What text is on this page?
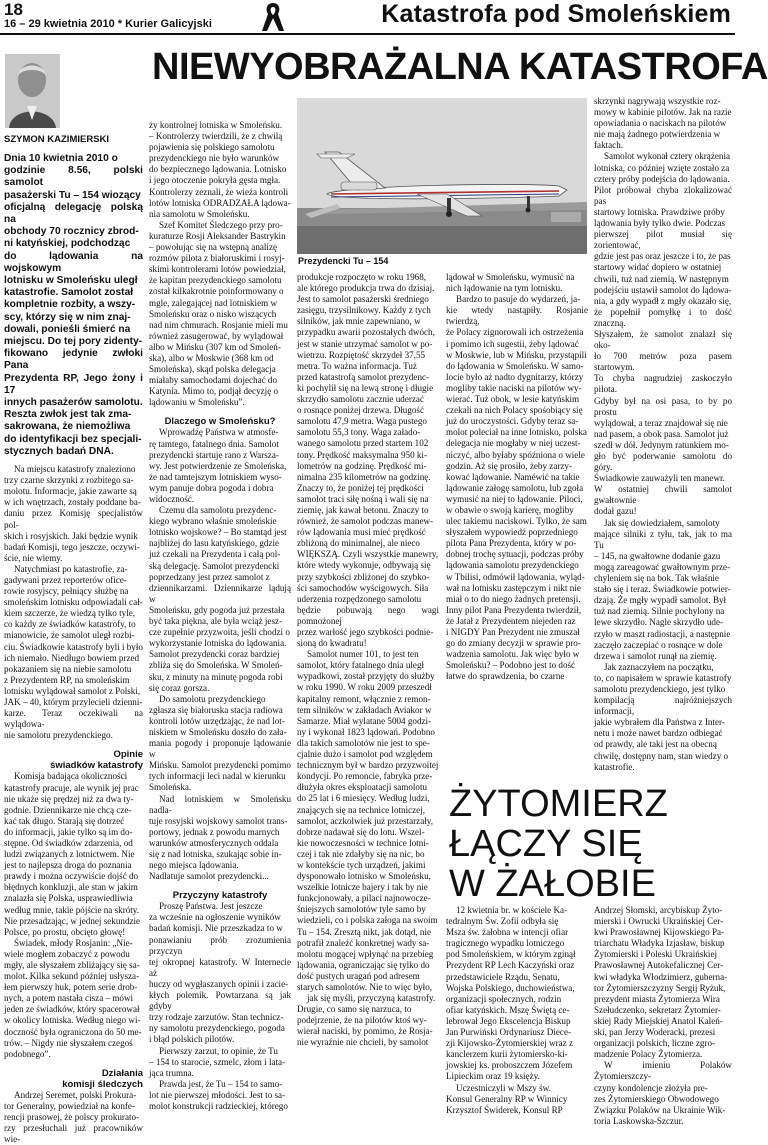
18
16 – 29 kwietnia 2010 * Kurier Galicyjski	Katastrofa pod Smoleńskiem
NIEWYOBRAŻALNA KATASTROFA
Prezydencki Tu – 154
SZYMON KAZIMIERSKI
Dnia 10 kwietnia 2010 o
godzinie 8.56, polski samolot
pasażerski Tu – 154 wiozący
oficjalną delegację polską na
obchody 70 rocznicy zbrod-
ni katyńskiej, podchodząc
do lądowania na wojskowym
lotnisku w Smoleńsku uległ
katastrofie. Samolot został
kompletnie rozbity, a wszy-
scy, którzy się w nim znaj-
dowali, ponieśli śmierć na
miejscu. Do tej pory zidenty-
fikowano jedynie zwłoki Pana
Prezydenta RP, Jego żony i 17
innych pasażerów samolotu.
Reszta zwłok jest tak zma-
sakrowana, że niemożliwa
do identyfikacji bez specjali-
stycznych badań DNA.
Na miejscu katastrofy znaleziono
trzy czarne skrzynki z rozbitego sa-
molotu. Informacje, jakie zawarte są
w ich wnętrzach, zostały poddane ba-
daniu przez Komisję specjalistów pol-
skich i rosyjskich. Jaki będzie wynik
badań Komisji, tego jeszcze, oczywi-
ście, nie wiemy.
Natychmiast po katastrofie, za-
gadywani przez reporterów ofice-
rowie rosyjscy, pełniący służbę na
smoleńskim lotnisku odpowiadali cał-
kiem szczerze, że wiedzą tylko tyle,
co każdy ze świadków katastrofy, to
mianowicie, że samolot uległ rozbi-
ciu. Świadkowie katastrofy byli i było
ich niemało. Niedługo bowiem przed
pokazaniem się na niebie samolotu
z Prezydentem RP, na smoleńskim
lotnisku wylądował samolot z Polski,
JAK – 40, którym przylecieli dzienni-
karze. Teraz oczekiwali na wylądowa-
nie samolotu prezydenckiego.
Opinie
świadków katastrofy
Komisja badająca okoliczności
katastrofy pracuje, ale wynik jej prac
nie ukaże się prędzej niż za dwa ty-
godnie. Dziennikarze nie chcą cze-
kać tak długo. Starają się dotrzeć
do informacji, jakie tylko są im do-
stępne. Od świadków zdarzenia, od
ludzi związanych z lotnictwem. Nie
jest to najlepsza droga do poznania
prawdy i można oczywiście dojść do
błędnych konkluzji, ale stan w jakim
znalazła się Polska, usprawiedliwia
według mnie, takie pójście na skróty.
Nie przesadzając, w jednej sekundzie
Polsce, po prostu, obcięto głowę!
Świadek, młody Rosjanin: „Nie-
wiele mogłem zobaczyć z powodu
mgły, ale słyszałem zbliżający się sa-
molot. Kilka sekund później usłysza-
łem pierwszy huk, potem serie drob-
nych, a potem nastała cisza – mówi
jeden ze świadków, który spacerował
w okolicy lotniska. Według niego wi-
doczność była ograniczona do 50 me-
trów. – Nigdy nie słyszałem czegoś
podobnego”.
Działania
komisji śledczych
Andrzej Seremet, polski Prokura-
tor Generalny, powiedział na konfe-
rencji prasowej, że polscy prokurato-
rzy przesłuchali już pracowników wie-
ży kontrolnej lotniska w Smoleńsku.
– Kontrolerzy twierdzili, że z chwilą
pojawienia się polskiego samolotu
prezydenckiego nie było warunków
do bezpiecznego lądowania. Lotnisko
i jego otoczenie pokryła gęsta mgła.
Kontrolerzy zeznali, że wieża kontroli
lotów lotniska ODRADZAŁA lądowa-
nia samolotu w Smoleńsku.
Szef Komitet Śledczego przy pro-
kuraturze Rosji Aleksander Bastrykin
– powołując się na wstępną analizę
rozmów pilota z białoruskimi i rosyj-
skimi kontrolerami lotów powiedział,
że kapitan prezydenckiego samolotu
został kilkakrotnie poinformowany o
mgle, zalegającej nad lotniskiem w
Smoleńsku oraz o nisko wiszących
nad nim chmurach. Rosjanie mieli mu
również zasugerować, by wylądował
albo w Mińsku (307 km od Smoleń-
ska), albo w Moskwie (368 km od
Smoleńska), skąd polska delegacja
miałaby samochodami dojechać do
Katynia. Mimo to, podjął decyzję o
lądowaniu w Smoleńsku”.
Dlaczego w Smoleńsku?
Wprowadźę Państwa w atmosfe-
rę tamtego, fatalnego dnia. Samolot
prezydencki startuje rano z Warsza-
wy. Jest potwierdzenie ze Smoleńska,
że nad tamtejszym lotniskiem wyso-
wym panuje dobra pogoda i dobra
widoczność.
Czemu dla samolotu prezydenc-
kiego wybrano właśnie smoleńskie
lotnisko wojskowe? – Bo stamtąd jest
najbliżej do lasu katyńskiego, gdzie
już czekali na Prezydenta i całą pol-
ską delegację. Samolot prezydencki
poprzedzany jest przez samolot z
dziennikarzami. Dziennikarze lądują w
Smoleńsku, gdy pogoda już przestała
być taka piękna, ale była wciąż jesz-
cze zupełnie przyzwoita, jeśli chodzi o
wykorzystanie lotniska do lądowania.
Samolot prezydencki coraz bardziej
zbliża się do Smoleńska. W Smoleń-
sku, z minuty na minutę pogoda robi
się coraz gorsza.
Do samolotu prezydenckiego
zgłasza się białoruska stacja radiowa
kontroli lotów urzędzając, że nad lot-
niskiem w Smoleńsku doszło do zała-
mania pogody i proponuje lądowanie w
Mińsku. Samolot prezydencki pomimo
tych informacji leci nadal w kierunku
Smoleńska.
Nad lotniskiem w Smoleńsku nadla-
tuje rosyjski wojskowy samolot trans-
portowy, jednak z powodu marnych
warunków atmosferycznych oddala
się z nad lotniska, szukając sobie in-
nego miejsca lądowania.
Nadlatuje samolot prezydencki...
Przyczyny katastrofy
Proszę Państwa. Jest jeszcze
za wcześnie na ogłoszenie wyników
badań komisji. Nie przeszkadza to w
ponawianiu prób zrozumienia przyczyn
tej okropnej katastrofy. W Internecie aż
huczy od wygłaszanych opinii i zacie-
kłych polemik. Powtarzana są jak gdyby
trzy rodzaje zarzutów. Stan technicz-
ny samolotu prezydenckiego, pogoda
i błąd polskich pilotów.
Pierwszy zarzut, to opinie, że Tu
– 154 to starocie, szmelc, złom i lata-
jąca trumna.
Prawda jest, że Tu – 154 to samo-
lot nie pierwszej młodości. Jest to sa-
molot konstrukcji radzieckiej, którego
produkcje rozpoczęto w roku 1968,
ale którego produkcja trwa do dzisiaj.
Jest to samolot pasażerski średniego
zasięgu, trzysilnikowy. Każdy z tych
silników, jak mnie zapewniano, w
przypadku awarii pozostałych dwóch,
jest w stanie utrzymać samolot w po-
wietrzu. Rozpiętość skrzydeł 37,55
metra. To ważna informacja. Tuż
przed katastrofą samolot prezydenc-
ki pochylił się na lewą stronę i długie
skrzydło samolotu zacznie uderzać
o rosnące poniżej drzewa. Długość
samolotu 47,9 metra. Waga pustego
samolotu 55,3 tony. Waga załado-
wanego samolotu przed startem 102
tony. Prędkość maksymalna 950 ki-
lometrów na godzinę. Prędkość mi-
nimalna 235 kilometrów na godzinę.
Znaczy to, że poniżej tej prędkości
samolot traci siłę nośną i wali się na
ziemię, jak kawał betonu. Znaczy to
również, że samolot podczas manew-
rów lądowania musi mieć prędkość
zbliżoną do minimalnej, ale nieco
WIĘKSZĄ. Czyli wszystkie manewry,
które wtedy wykonuje, odbywają się
przy szybkości zbliżonej do szybko-
ści samochodów wyścigowych. Siła
uderzenia rozpędzonego samolotu
będzie pobuwają nego wagi pomnożonej
przez warłość jego szybkości podnie-
sioną do kwadratu!
Samolot numer 101, to jest ten
samolot, który fatalnego dnia uległ
wypadkowi, został przyjęty do służby
w roku 1990. W roku 2009 przeszedł
kapitalny remont, włącznie z remon-
tem silników w zakładach Aviakor w
Samarze. Miał wylatane 5004 godzi-
ny i wykonał 1823 lądowań. Podobno
dla takich samolotów nie jest to spe-
cjalnie dużo i samolot pod względem
technicznym był w bardzo przyzwoitej
kondycji. Po remoncie, fabryka prze-
dłużyła okres eksploatacji samolotu
do 25 lat i 6 miesięcy. Według ludzi,
znających się na technice lotniczej,
samolot, aczkolwiek już przestarzały,
dobrze nadawał się do lotu. Wszel-
kie nowoczesności w technice lotni-
czej i tak nie zdałyby się na nic, bo
w kontekście tych urządzeń, jakimi
dysponowało lotnisko w Smoleńsku,
wszelkie lotnicze bajery i tak by nie
funkcjonowały, a pilaci najnowocze-
śniejszych samolotów tyle samo by
wiedzieli, co i polska załoga na swoim
Tu – 154. Zresztą nikt, jak dotąd, nie
potrafił znaleźć konkretnej wady sa-
molotu mogącej wpłynąć na przebieg
lądowania, ograniczając się tylko do
dość pustych uragań pod adresem
starych samolotów. Nie to więc było,
jak się myśli, przyczyną katastrofy.
Drugie, co samo się narzuca, to
podejrzenie, że na pilotów ktoś wy-
wierał naciski, by pomimo, że Rosja-
nie wyraźnie nie chcieli, by samolot
lądował w Smoleńsku, wymusić na
nich lądowanie na tym lotnisku.
Bardzo to pasuje do wydarzeń, ja-
kie wtedy nastąpiły. Rosjanie twierdzą,
że Polacy zignorowali ich ostrzeżenia
i pomimo ich sugestii, żeby lądować
w Moskwie, lub w Mińsku, przystąpili
do lądowania w Smoleńsku. W samo-
locie było aż nadto dygnitarzy, którzy
mogliby takie naciski na pilotów wy-
wierać. Tuż obok, w lesie katyńskim
czekali na nich Polacy spośobiący się
już do uroczystości. Gdyby teraz sa-
molot poleciał na inne lotnisko, polska
delegacja nie mogłaby w niej uczest-
niczyć, albo byłaby spóźniona o wiele
godzin. Aż się prosiło, żeby zarzy-
kować lądowanie. Naméwić na takie
lądowanie załogę samolotu, lub zgoła
wymusić na niej to lądowanie. Piloci,
w obawie o swoją karierę, mogliby
ulec takiemu naciskowi. Tylko, że sam
słyszałem wypowiedź poprzedniego
pilota Pana Prezydenta, który w po-
dobnej trochę sytuacji, podczas próby
lądowania samolotu prezydenckiego
w Tbilisi, odmówił lądowania, wyląd-
wał na lotnisku zastępczym i nikt nie
miał o to do niego żadnych pretensji.
Inny pilot Pana Prezydenta twierdził,
że Jatał z Prezydentem niejeden raz
i NIGDY Pan Prezydent nie zmuszał
go do zmiany decyzji w sprawie pro-
wadzenia samolotu. Jak więc było w
Smoleńsku? – Podobno jest to dość
łatwe do sprawdzenia, bo czarne
skrzynki nagrywają wszystkie roz-
mowy w kabinie pilotów. Jak na razie
opowiadania o naciskach na pilotów
nie mają żadnego potwierdzenia w
faktach.
Samolot wykonał cztery okrążenia
lotniska, co później wzięte zostało za
cztery próby podejścia do lądowania.
Pilot próbował chyba zlokalizować pas
startowy lotniska. Prawdziwe próby
lądowania były tylko dwie. Podczas
pierwszej pilot musiał się zorientować,
gdzie jest pas oraz jeszcze i to, że pas
startowy widać dopiero w ostatniej
chwili, tuż nad ziemią. W następnym
podejściu ustawił samolot do lądowa-
nia, a gdy wypadł z mgły okazało się,
że popełnił pomyłkę i to dość znaczną.
Słyszałem, że samolot znalazł się oko-
ło 700 metrów poza pasem startowym.
To chyba nagrudziej zaskoczyło pilota.
Gdyby był na osi pasa, to by po prostu
wylądował, a teraz znajdował się nie
nad pasem, a obok pasa. Samolot już
szedł w dół. Jedynym ratunkiem mo-
gło być poderwanie samolotu do góry.
Świadkowie zauważyli ten manewr.
W ostatniej chwili samolot gwałtownie
dodał gazu!
Jak się dowiedziałem, samoloty
mające silniki z tyłu, tak, jak to ma Tu
– 145, na gwałtowne dodanie gazu
mogą zareagować gwałtownym prze-
chyleniem się na bok. Tak właśnie
stało się i teraz. Świadkowie potwier-
dzają. Że mgły wypadł samolot. Był
tuż nad ziemią. Silnie pochylony na
lewe skrzydło. Nagle skrzydło ude-
rzyło w maszt radiostacji, a następnie
zaczęło zaczepiać o rosnące w dole
drzewa i samolot runął na ziemię.
Jak zaznaczyłem na początku,
to, co napisałem w sprawie katastrofy
samolotu prezydenckiego, jest tylko
kompilacją najróżniejszych informacji,
jakie wybrałem dla Państwa z Inter-
netu i może nawet bardzo odbiegać
od prawdy, ale taki jest na obecną
chwilę, dostępny nam, stan wiedzy o
katastrofie.
ŻYTOMIERZ
ŁĄCZY SIĘ
W ŻAŁOBIE
12 kwietnia br. w kościele Ka-
tedralnym Św. Zofii odbyła się
Msza św. żałobna w intencji ofiar
tragicznego wypadku lotniczego
pod Smoleńskiem, w którym zginął
Prezydent RP Lech Kaczyński oraz
przedstawiciele Rządu, Senatu,
Wojska Polskiego, duchowieństwa,
organizacji społecznych, rodzin
ofiar katyńskich. Mszę Świętą ce-
lebrował Jego Ekscelencja Biskup
Jan Purwiński Ordynariusz Diece-
zji Kijowsko-Żytomierskiej wraz z
kanclerzem kurii żytomiersko-ki-
jowskiej ks. proboszczem Józefem
Lipieckim oraz 19 księży.
Uczestniczyli w Mszy św.
Konsul Generalny RP w Winnicy
Krzysztof Świderek, Konsul RP
Andrzej Słomski, arcybiskup Żyto-
mierski i Owrucki Ukraińskiej Cer-
kwi Prawosławnej Kijowskiego Pa-
triarchatu Władyka Izjasław, biskup
Żytomierski i Poleski Ukraińskiej
Prawosławnej Autokefalicznej Cer-
kwi władyka Włodzimierz, guberna-
tor Żytomierszczyzny Sergij Ryżuk,
prezydent miasta Żytomierza Wira
Szełudczenko, sekretarz Żytomier-
skiej Rady Miejskiej Anatol Kaleń-
ski, pan Jerzy Woderacki, prezesi
organizacji polskich, liczne zgro-
madzenie Polacy Żytomierza.
W imieniu Polaków Żytomierszczy-
czyny kondolencje złożyła pre-
zes Żytomierskiego Obwodowego
Związku Polaków na Ukrainie Wik-
toria Laskowska-Szczur.
